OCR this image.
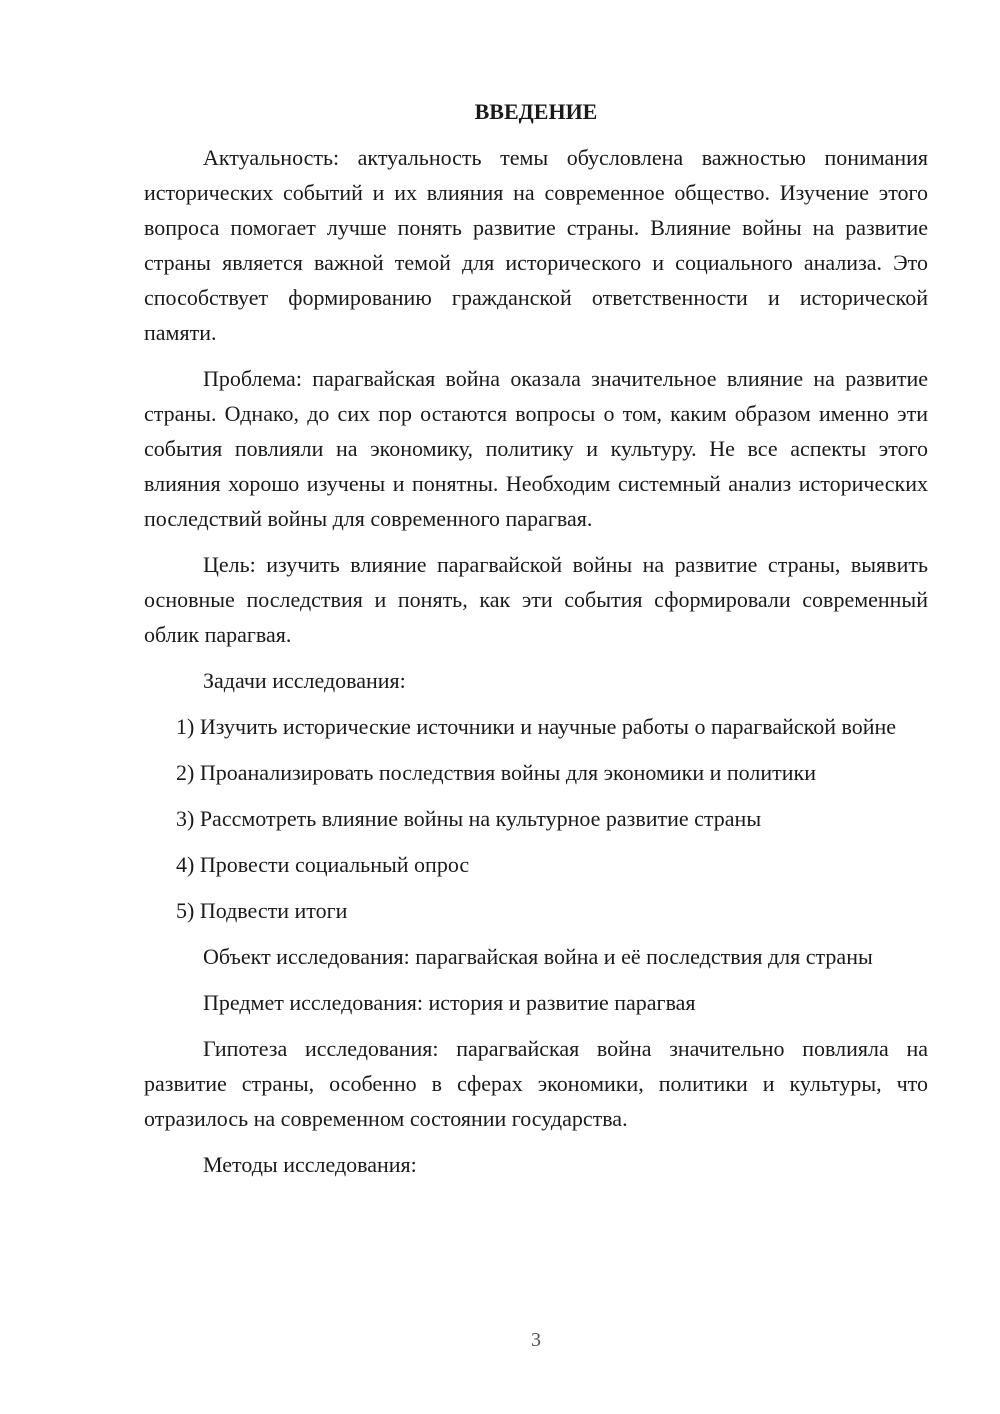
ВВЕДЕНИЕ

Актуальность: актуальность темы обусловлена важностью понимания исторических событий и их влияния на современное общество. Изучение этого вопроса помогает лучше понять развитие страны. Влияние войны на развитие страны является важной темой для исторического и социального анализа. Это способствует формированию гражданской ответственности и исторической памяти.

Проблема: парагвайская война оказала значительное влияние на развитие страны. Однако, до сих пор остаются вопросы о том, каким образом именно эти события повлияли на экономику, политику и культуру. Не все аспекты этого влияния хорошо изучены и понятны. Необходим системный анализ исторических последствий войны для современного парагвая.

Цель: изучить влияние парагвайской войны на развитие страны, выявить основные последствия и понять, как эти события сформировали современный облик парагвая.

Задачи исследования:

1) Изучить исторические источники и научные работы о парагвайской войне

2) Проанализировать последствия войны для экономики и политики

3) Рассмотреть влияние войны на культурное развитие страны

4) Провести социальный опрос

5) Подвести итоги

Объект исследования: парагвайская война и её последствия для страны

Предмет исследования: история и развитие парагвая

Гипотеза исследования: парагвайская война значительно повлияла на развитие страны, особенно в сферах экономики, политики и культуры, что отразилось на современном состоянии государства.

Методы исследования:

3
